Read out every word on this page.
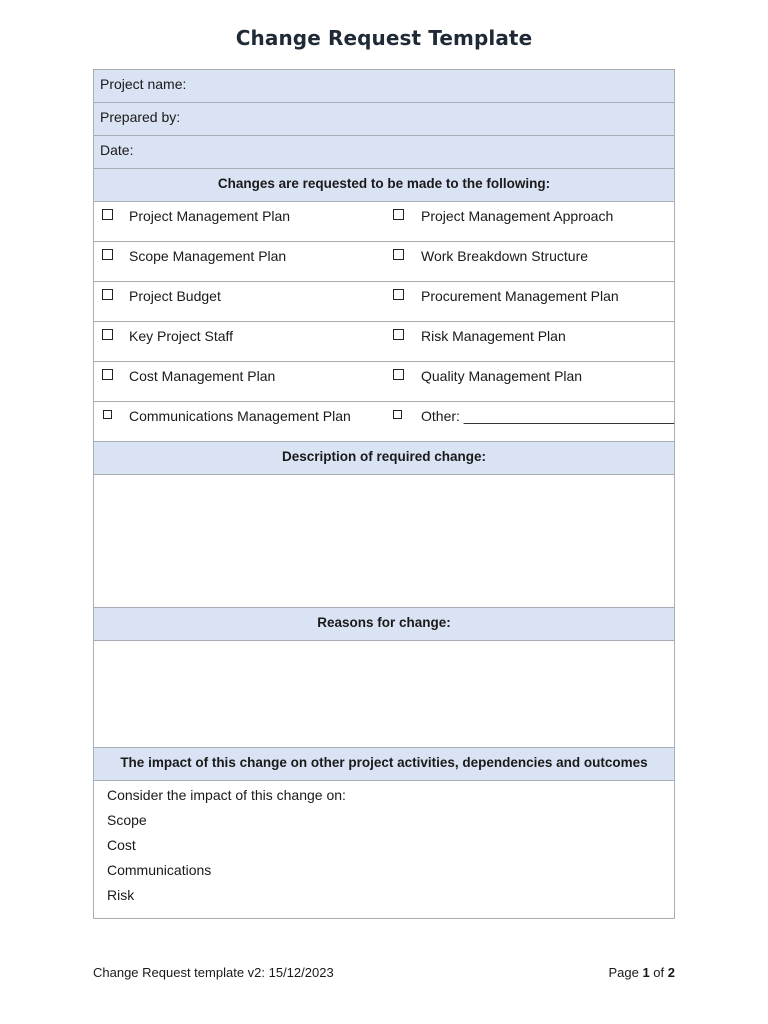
Change Request Template
Project name:
Prepared by:
Date:
Changes are requested to be made to the following:
Project Management Plan	Project Management Approach
Scope Management Plan	Work Breakdown Structure
Project Budget	Procurement Management Plan
Key Project Staff	Risk Management Plan
Cost Management Plan	Quality Management Plan
Communications Management Plan	Other: ___________________________
Description of required change:
Reasons for change:
The impact of this change on other project activities, dependencies and outcomes
Consider the impact of this change on:
Scope
Cost
Communications
Risk
Change Request template v2: 15/12/2023	Page 1 of 2
